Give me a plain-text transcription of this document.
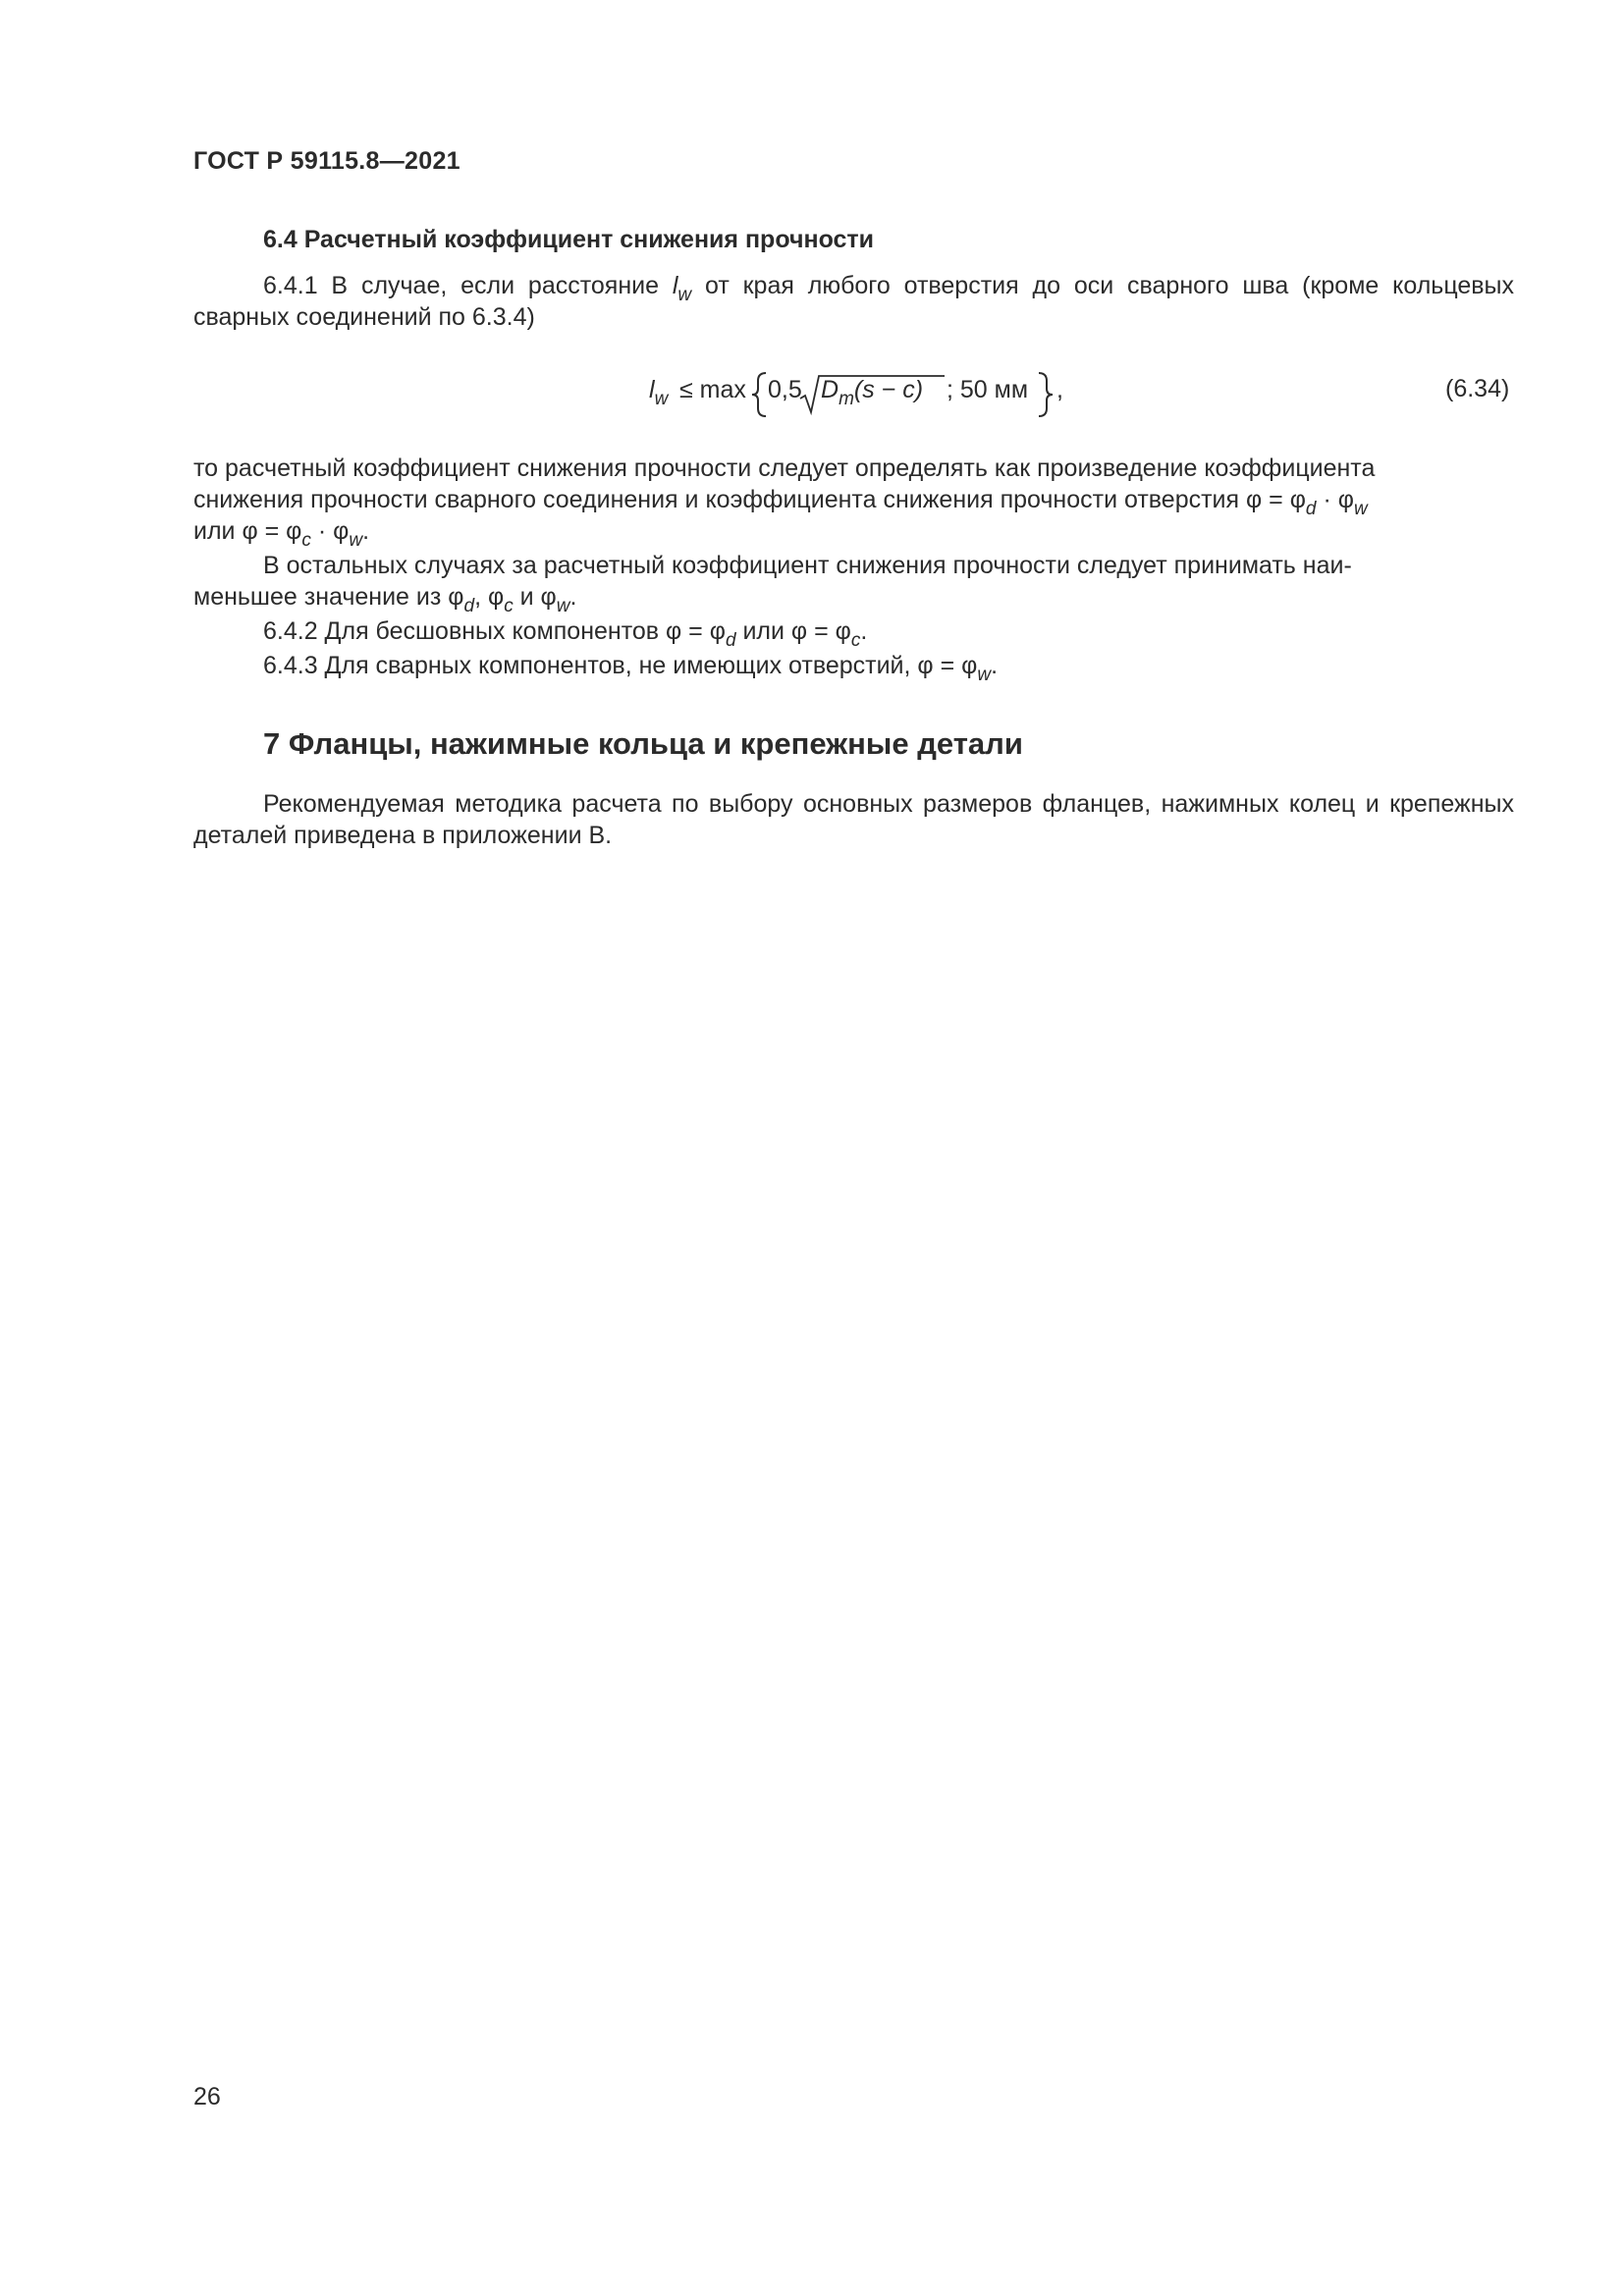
ГОСТ Р 59115.8—2021
6.4 Расчетный коэффициент снижения прочности

6.4.1 В случае, если расстояние $l_w$ от края любого отверстия до оси сварного шва (кроме кольцевых сварных соединений по 6.3.4)

$l_w \le \max 0,5$ $D_m(s - c)$ ; 50 мм ,	(6.34)
то расчетный коэффициент снижения прочности следует определять как произведение коэффициента
снижения прочности сварного соединения и коэффициента снижения прочности отверстия $\varphi = \varphi_d \cdot \varphi_w$
или $\varphi = \varphi_c \cdot \varphi_w$.
В остальных случаях за расчетный коэффициент снижения прочности следует принимать наи-
меньшее значение из $\varphi_d$, $\varphi_c$ и $\varphi_w$.
6.4.2 Для бесшовных компонентов $\varphi = \varphi_d$ или $\varphi = \varphi_c$.
6.4.3 Для сварных компонентов, не имеющих отверстий, $\varphi = \varphi_w$.
7 Фланцы, нажимные кольца и крепежные детали

Рекомендуемая методика расчета по выбору основных размеров фланцев, нажимных колец и крепежных деталей приведена в приложении В.

26
